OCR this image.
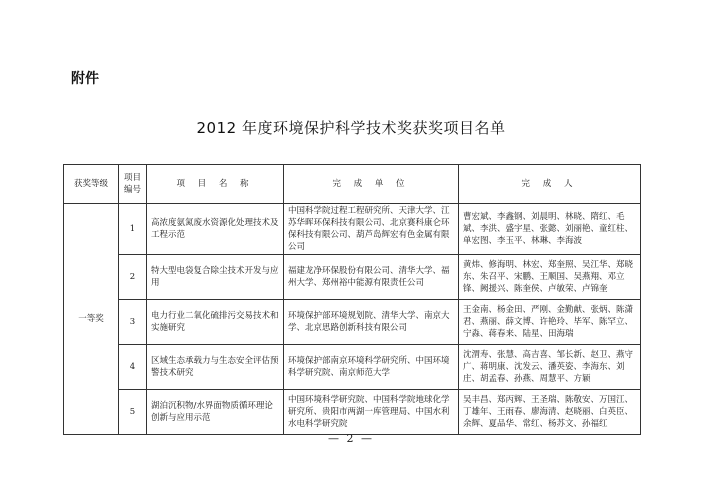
附件
2012 年度环境保护科学技术奖获奖项目名单
获奖等级	项目编号	项 目 名 称	完 成 单 位	完 成 人
一等奖	1	高浓度氨氮废水资源化处理技术及工程示范	中国科学院过程工程研究所、天津大学、江苏华晖环保科技有限公司、北京赛科康仑环保科技有限公司、葫芦岛辉宏有色金属有限公司	曹宏斌、李鑫钢、刘晨明、林晓、隋红、毛斌、李洪、盛宇星、张懿、刘丽艳、童红柱、单宏图、李玉平、林琳、李海波
	2	特大型电袋复合除尘技术开发与应用	福建龙净环保股份有限公司、清华大学、福州大学、郑州裕中能源有限责任公司	黄炜、修海明、林宏、郑奎照、吴江华、郑晓东、朱召平、宋鹏、王顺国、吴燕翔、邓立锋、阙援兴、陈奎侯、卢敏荣、卢锦奎
	3	电力行业二氧化硫排污交易技术和实施研究	环境保护部环境规划院、清华大学、南京大学、北京思路创新科技有限公司	王金南、杨金田、严刚、金勤献、张炳、陈潇君、燕丽、薛文博、许艳玲、毕军、陈罕立、宁淼、蒋春来、陆星、田海瑞
	4	区域生态承载力与生态安全评估预警技术研究	环境保护部南京环境科学研究所、中国环境科学研究院、南京师范大学	沈渭寿、张慧、高吉喜、邹长新、赵卫、燕守广、蒋明康、沈发云、潘英姿、李海东、刘庄、胡孟春、孙燕、周慧平、方颖
	5	湖泊沉积物/水界面物质循环理论创新与应用示范	中国环境科学研究院、中国科学院地球化学研究所、贵阳市两湖一库管理局、中国水利水电科学研究院	吴丰昌、郑丙辉、王圣瑞、陈敬安、万国江、丁雄年、王雨春、廖海清、赵晓丽、白英臣、余辉、夏品华、常红、杨苏文、孙福红
— 2 —
